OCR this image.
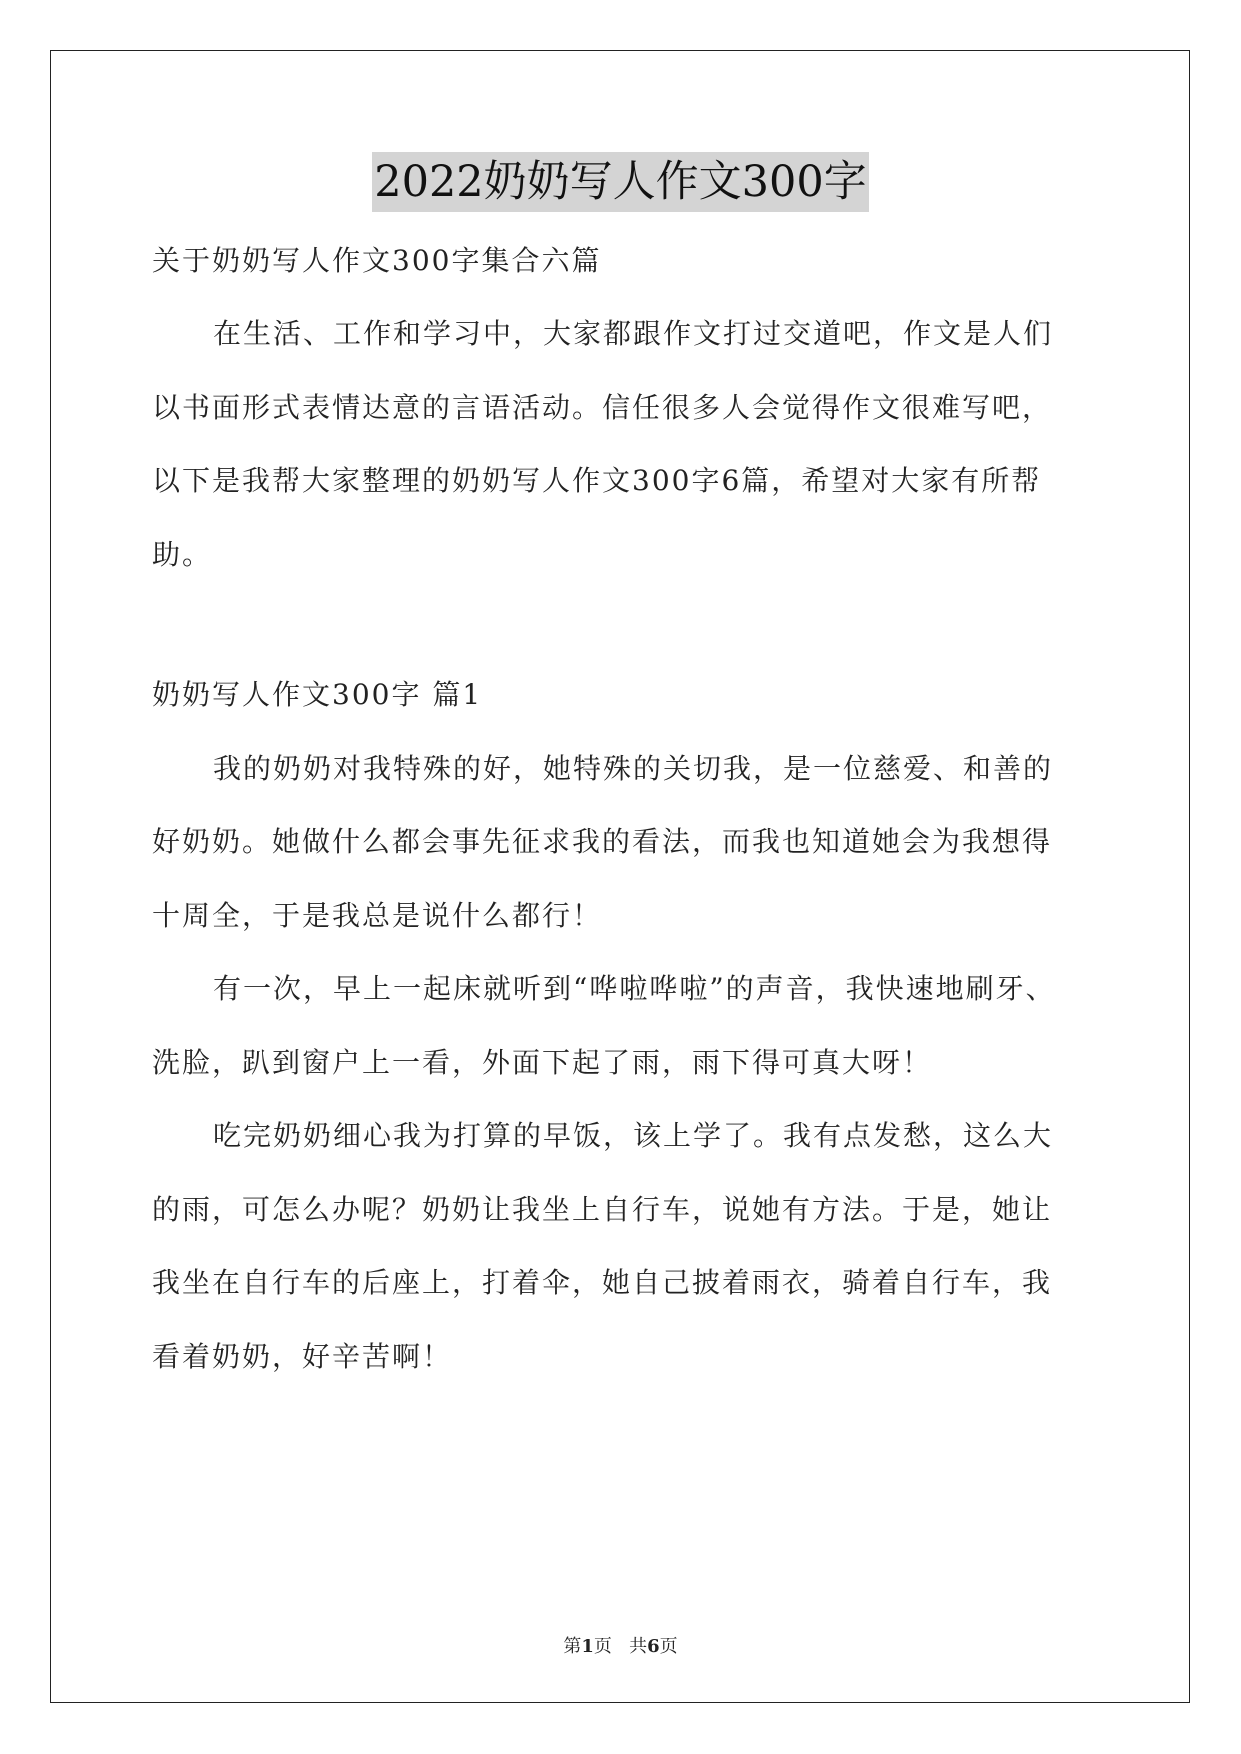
2022奶奶写人作文300字
关于奶奶写人作文300字集合六篇
在生活、工作和学习中，大家都跟作文打过交道吧，作文是人们
以书面形式表情达意的言语活动。信任很多人会觉得作文很难写吧，
以下是我帮大家整理的奶奶写人作文300字6篇，希望对大家有所帮
助。
奶奶写人作文300字 篇1
我的奶奶对我特殊的好，她特殊的关切我，是一位慈爱、和善的
好奶奶。她做什么都会事先征求我的看法，而我也知道她会为我想得
十周全，于是我总是说什么都行！
有一次，早上一起床就听到“哗啦哗啦”的声音，我快速地刷牙、
洗脸，趴到窗户上一看，外面下起了雨，雨下得可真大呀！
吃完奶奶细心我为打算的早饭，该上学了。我有点发愁，这么大
的雨，可怎么办呢？奶奶让我坐上自行车，说她有方法。于是，她让
我坐在自行车的后座上，打着伞，她自己披着雨衣，骑着自行车，我
看着奶奶，好辛苦啊！
第1页   共6页
